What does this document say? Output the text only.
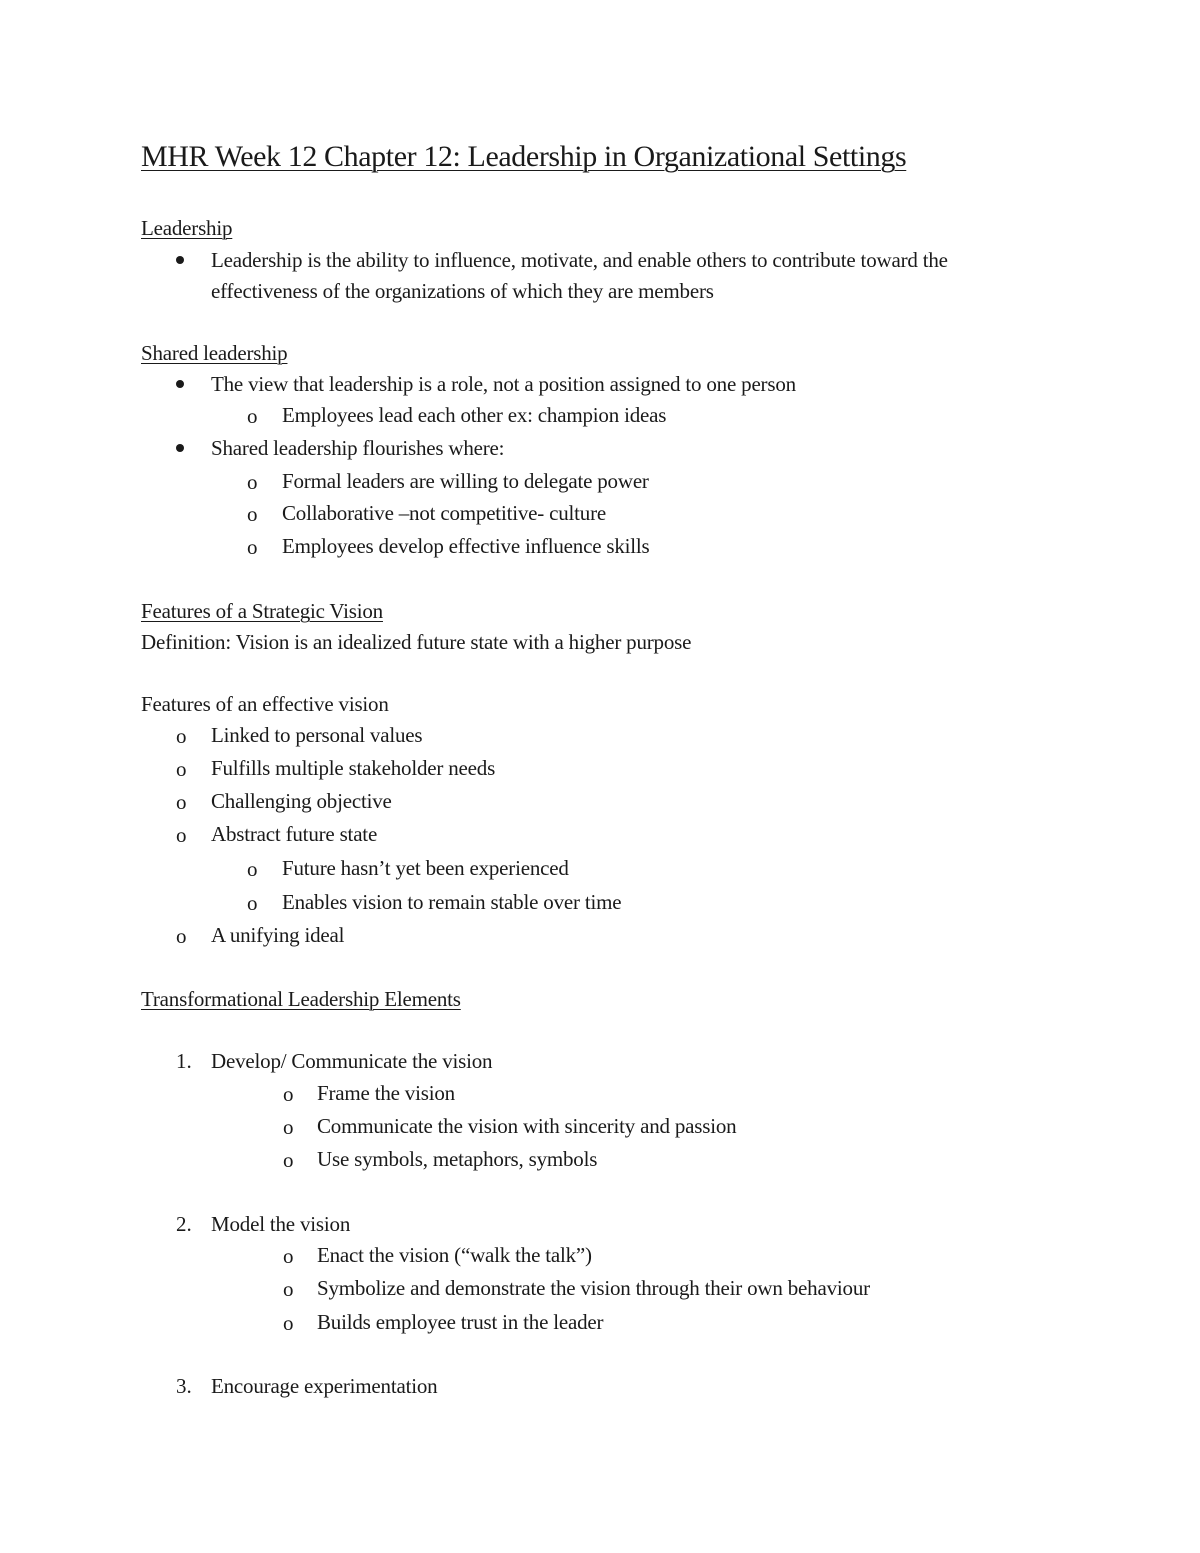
MHR Week 12 Chapter 12: Leadership in Organizational Settings
Leadership
Leadership is the ability to influence, motivate, and enable others to contribute toward the
effectiveness of the organizations of which they are members
Shared leadership
The view that leadership is a role, not a position assigned to one person
o Employees lead each other ex: champion ideas
Shared leadership flourishes where:
o Formal leaders are willing to delegate power
o Collaborative –not competitive- culture
o Employees develop effective influence skills
Features of a Strategic Vision
Definition: Vision is an idealized future state with a higher purpose
Features of an effective vision
o Linked to personal values
o Fulfills multiple stakeholder needs
o Challenging objective
o Abstract future state
o Future hasn’t yet been experienced
o Enables vision to remain stable over time
o A unifying ideal
Transformational Leadership Elements
1. Develop/ Communicate the vision
o Frame the vision
o Communicate the vision with sincerity and passion
o Use symbols, metaphors, symbols
2. Model the vision
o Enact the vision (“walk the talk”)
o Symbolize and demonstrate the vision through their own behaviour
o Builds employee trust in the leader
3. Encourage experimentation
